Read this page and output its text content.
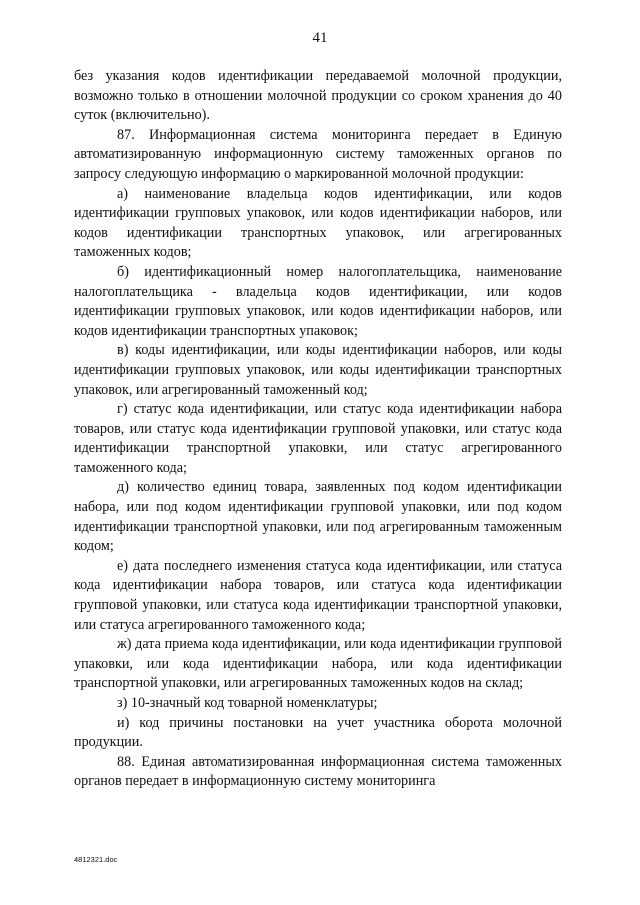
41

без указания кодов идентификации передаваемой молочной продукции, возможно только в отношении молочной продукции со сроком хранения до 40 суток (включительно).

87. Информационная система мониторинга передает в Единую автоматизированную информационную систему таможенных органов по запросу следующую информацию о маркированной молочной продукции:

а) наименование владельца кодов идентификации, или кодов идентификации групповых упаковок, или кодов идентификации наборов, или кодов идентификации транспортных упаковок, или агрегированных таможенных кодов;

б) идентификационный номер налогоплательщика, наименование налогоплательщика - владельца кодов идентификации, или кодов идентификации групповых упаковок, или кодов идентификации наборов, или кодов идентификации транспортных упаковок;

в) коды идентификации, или коды идентификации наборов, или коды идентификации групповых упаковок, или коды идентификации транспортных упаковок, или агрегированный таможенный код;

г) статус кода идентификации, или статус кода идентификации набора товаров, или статус кода идентификации групповой упаковки, или статус кода идентификации транспортной упаковки, или статус агрегированного таможенного кода;

д) количество единиц товара, заявленных под кодом идентификации набора, или под кодом идентификации групповой упаковки, или под кодом идентификации транспортной упаковки, или под агрегированным таможенным кодом;

е) дата последнего изменения статуса кода идентификации, или статуса кода идентификации набора товаров, или статуса кода идентификации групповой упаковки, или статуса кода идентификации транспортной упаковки, или статуса агрегированного таможенного кода;

ж) дата приема кода идентификации, или кода идентификации групповой упаковки, или кода идентификации набора, или кода идентификации транспортной упаковки, или агрегированных таможенных кодов на склад;

з) 10-значный код товарной номенклатуры;

и) код причины постановки на учет участника оборота молочной продукции.

88. Единая автоматизированная информационная система таможенных органов передает в информационную систему мониторинга

4812321.doc
